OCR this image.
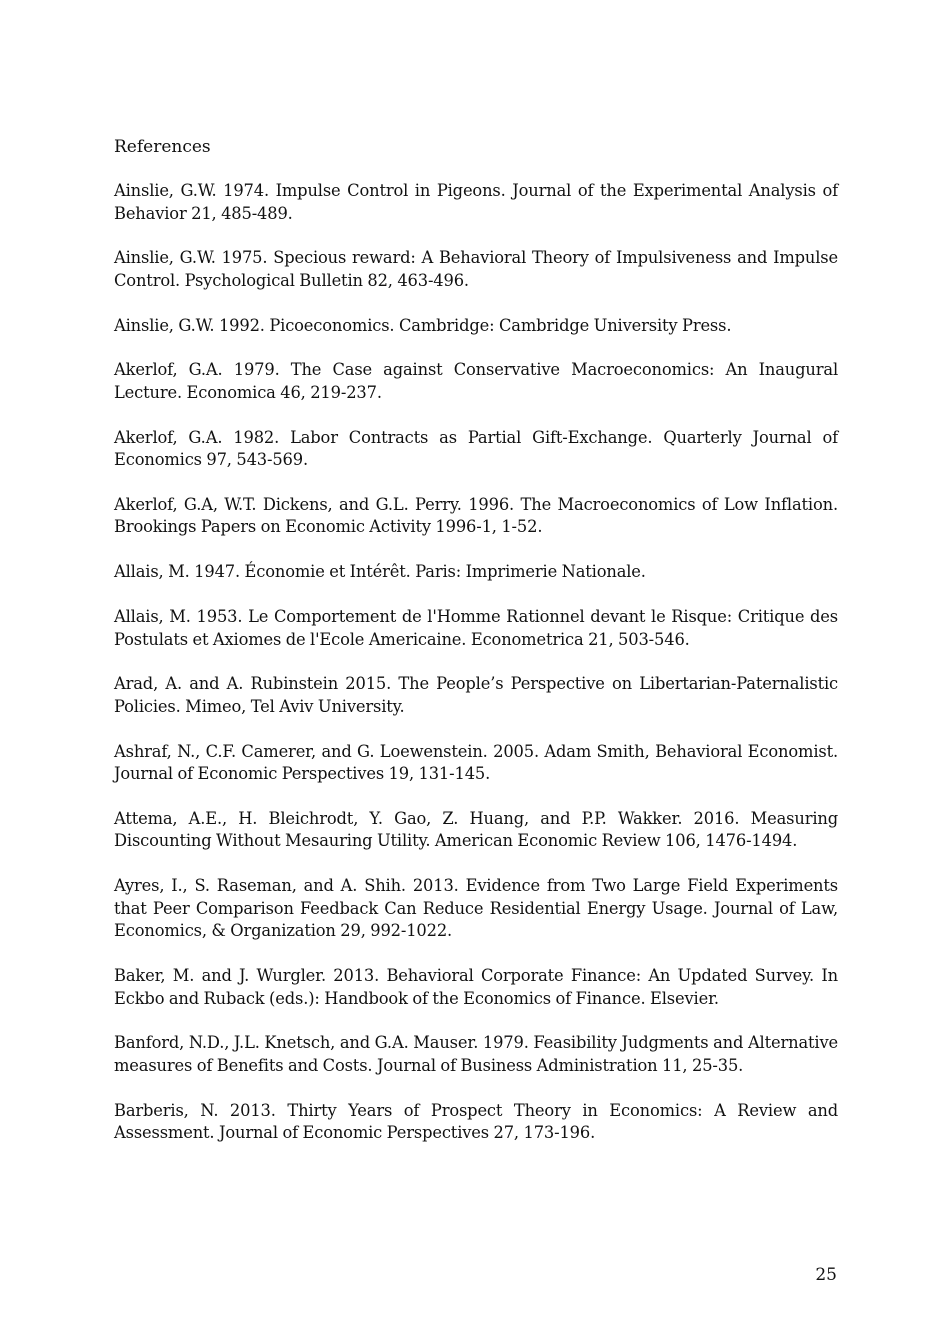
References
Ainslie, G.W. 1974. Impulse Control in Pigeons. Journal of the Experimental Analysis of Behavior 21, 485-489.
Ainslie, G.W. 1975. Specious reward: A Behavioral Theory of Impulsiveness and Impulse Control. Psychological Bulletin 82, 463-496.
Ainslie, G.W. 1992. Picoeconomics. Cambridge: Cambridge University Press.
Akerlof, G.A. 1979. The Case against Conservative Macroeconomics: An Inaugural Lecture. Economica 46, 219-237.
Akerlof, G.A. 1982. Labor Contracts as Partial Gift-Exchange. Quarterly Journal of Economics 97, 543-569.
Akerlof, G.A, W.T. Dickens, and G.L. Perry. 1996. The Macroeconomics of Low Inflation. Brookings Papers on Economic Activity 1996-1, 1-52.
Allais, M. 1947. Économie et Intérêt. Paris: Imprimerie Nationale.
Allais, M. 1953. Le Comportement de l'Homme Rationnel devant le Risque: Critique des Postulats et Axiomes de l'Ecole Americaine. Econometrica 21, 503-546.
Arad, A. and A. Rubinstein 2015. The People’s Perspective on Libertarian-Paternalistic Policies. Mimeo, Tel Aviv University.
Ashraf, N., C.F. Camerer, and G. Loewenstein. 2005. Adam Smith, Behavioral Economist. Journal of Economic Perspectives 19, 131-145.
Attema, A.E., H. Bleichrodt, Y. Gao, Z. Huang, and P.P. Wakker. 2016. Measuring Discounting Without Mesauring Utility. American Economic Review 106, 1476-1494.
Ayres, I., S. Raseman, and A. Shih. 2013. Evidence from Two Large Field Experiments that Peer Comparison Feedback Can Reduce Residential Energy Usage. Journal of Law, Economics, & Organization 29, 992-1022.
Baker, M. and J. Wurgler. 2013. Behavioral Corporate Finance: An Updated Survey. In Eckbo and Ruback (eds.): Handbook of the Economics of Finance. Elsevier.
Banford, N.D., J.L. Knetsch, and G.A. Mauser. 1979. Feasibility Judgments and Alternative measures of Benefits and Costs. Journal of Business Administration 11, 25-35.
Barberis, N. 2013. Thirty Years of Prospect Theory in Economics: A Review and Assessment. Journal of Economic Perspectives 27, 173-196.
25
